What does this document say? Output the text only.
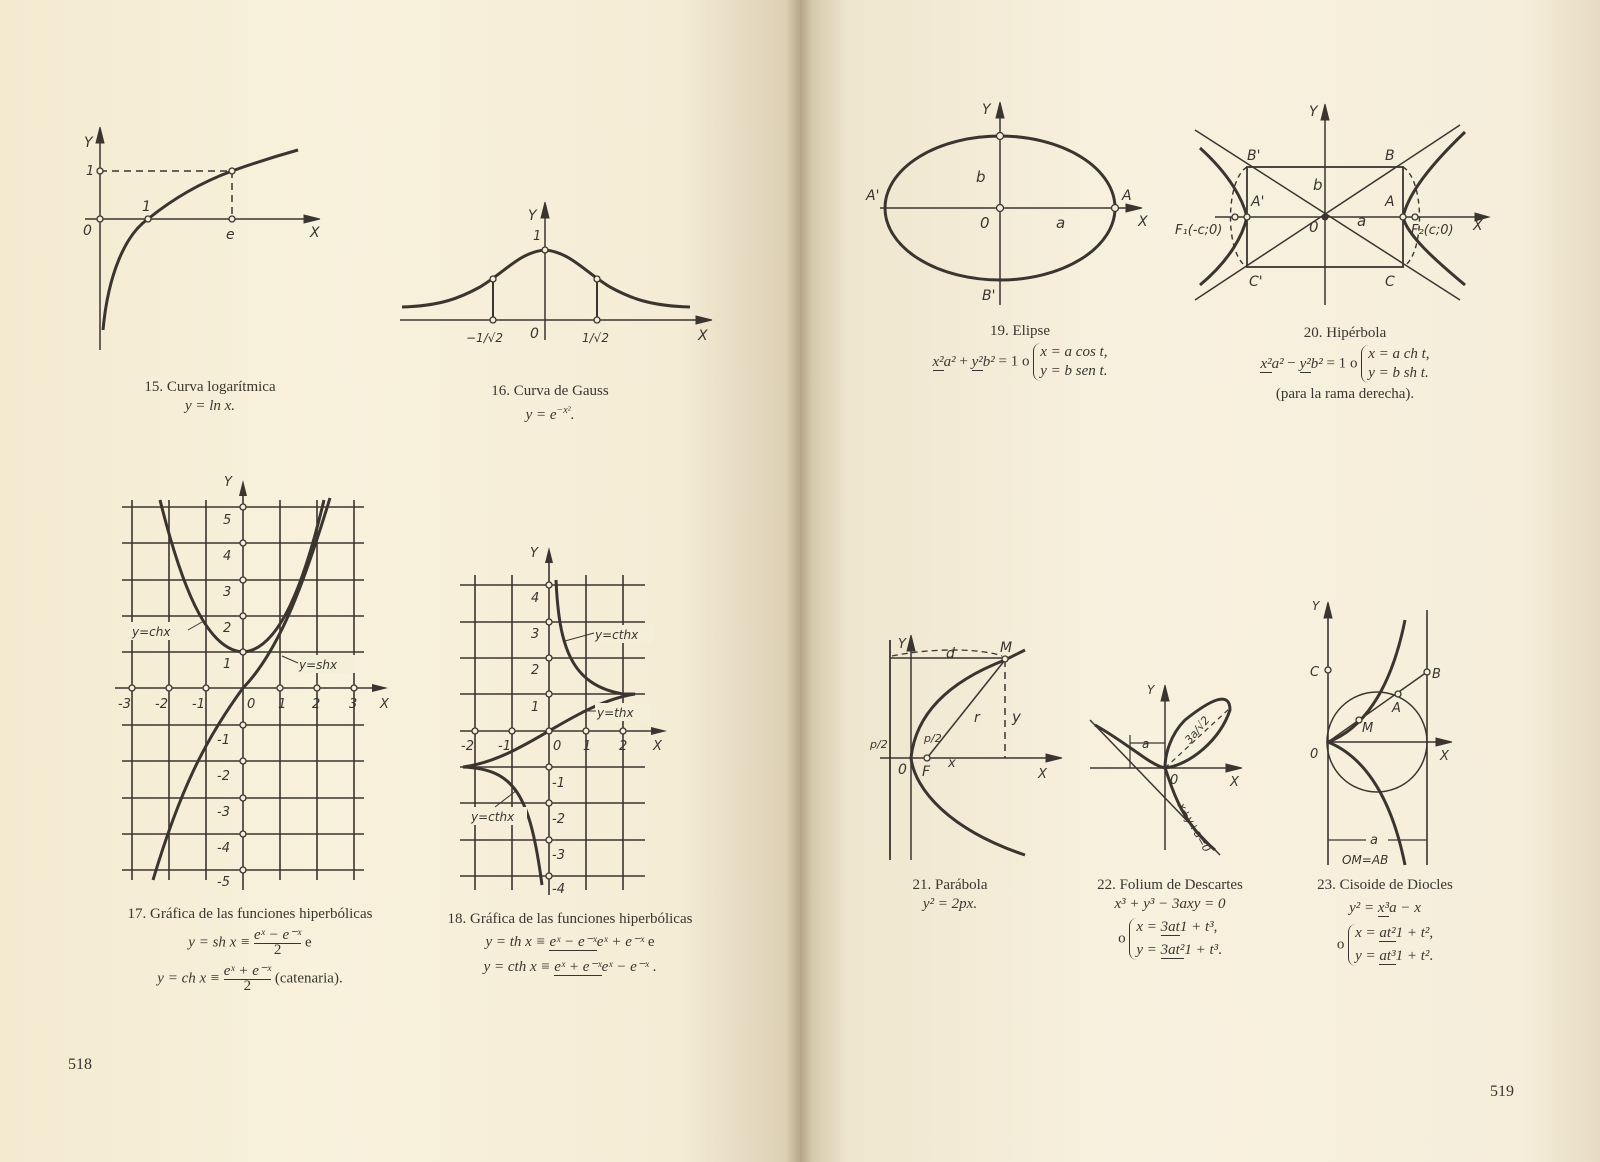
Y
1
0
1
e	X
15. Curva logarítmica
y = ln x.
Y
1
0
−1/√2	1/√2	X
16. Curva de Gauss
$y = e^{-x^2}$.
Y
5
4
3
2
1
-1
-2
-3
-4
-5
-3 -2 -1	0 1 2 3 X
y=chx
y=shx
17. Gráfica de las funciones hiperbólicas
y = sh $x \equiv \frac{\text{eˣ − e⁻ˣ}}{2}$ e
y = ch $x \equiv \frac{\text{eˣ + e⁻ˣ}}{2}$ (catenaria).
Y
4
3
2
1
-1
-2
-3
-4
-2 -1	0 1 2 X
y=cthx
y=thx
y=cthx
18. Gráfica de las funciones hiperbólicas
y = th x ≡ eˣ − e⁻ˣeˣ + e⁻ˣ e
y = cth x ≡ eˣ + e⁻ˣeˣ − e⁻ˣ .
518
Y
b
A'	A
0	a	X
B'
19. Elipse
x²a² + y²b² = 1 o
x = a cos t,
y = b sen t.
Y
B'	B
b
A'	A
0	a
F₁(-c;0)	F₂(c;0) X
C'	C
20. Hipérbola
x²a² − y²b² = 1 o
x = a ch t,
y = b sh t.
(para la rama derecha).
Y
d	M
r y
p/2	p/2
0 F
x
X
21. Parábola
y² = 2px.
Y
a	3a/√2
0	X
x+y+a=0
22. Folium de Descartes
x³ + y³ − 3axy = 0
o
x = 3at1 + t³,
y = 3at²1 + t³.
Y
C	B
A
M
0	X
a
OM=AB
23. Cisoide de Diocles
y² = x³a − x
o
x = at²1 + t²,
y = at³1 + t².
519
